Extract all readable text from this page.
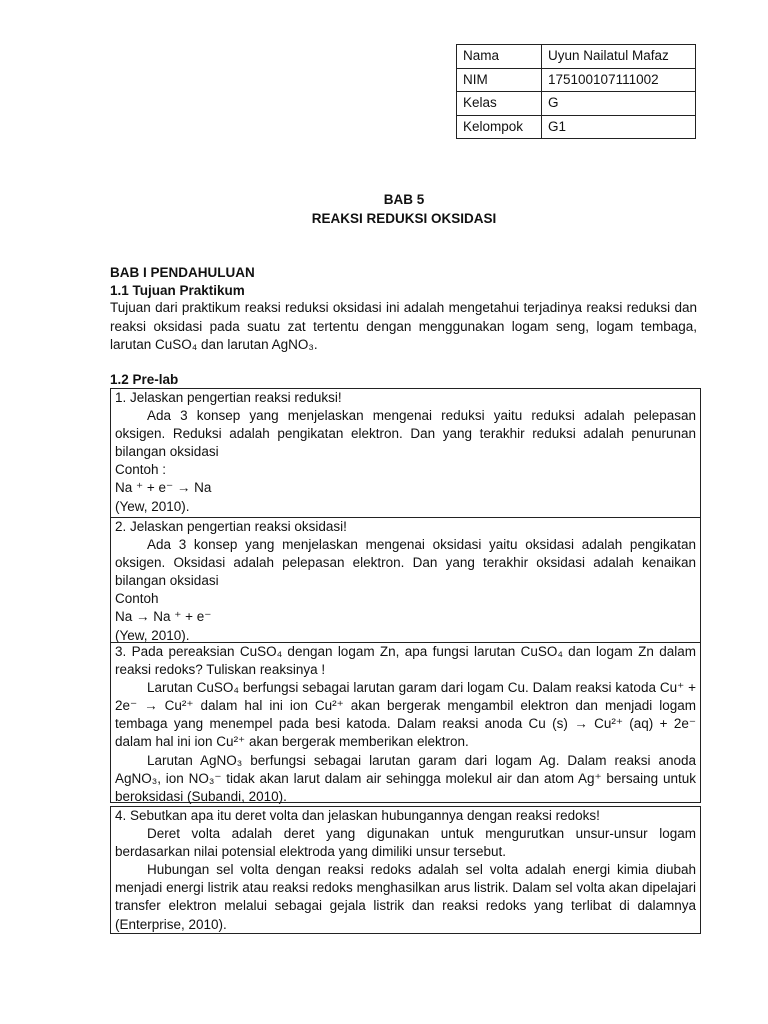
Nama	Uyun Nailatul Mafaz
NIM	175100107111002
Kelas	G
Kelompok	G1
BAB 5
REAKSI REDUKSI OKSIDASI
BAB I PENDAHULUAN
1.1 Tujuan Praktikum

Tujuan dari praktikum reaksi reduksi oksidasi ini adalah mengetahui terjadinya reaksi reduksi dan reaksi oksidasi pada suatu zat tertentu dengan menggunakan logam seng, logam tembaga, larutan CuSO₄ dan larutan AgNO₃.

1.2 Pre-lab

1. Jelaskan pengertian reaksi reduksi!

Ada 3 konsep yang menjelaskan mengenai reduksi yaitu reduksi adalah pelepasan oksigen. Reduksi adalah pengikatan elektron. Dan yang terakhir reduksi adalah penurunan bilangan oksidasi

Contoh :

Na ⁺ + e⁻ → Na

(Yew, 2010).

2. Jelaskan pengertian reaksi oksidasi!

Ada 3 konsep yang menjelaskan mengenai oksidasi yaitu oksidasi adalah pengikatan oksigen. Oksidasi adalah pelepasan elektron. Dan yang terakhir oksidasi adalah kenaikan bilangan oksidasi

Contoh

Na → Na ⁺ + e⁻

(Yew, 2010).

3. Pada pereaksian CuSO₄ dengan logam Zn, apa fungsi larutan CuSO₄ dan logam Zn dalam reaksi redoks? Tuliskan reaksinya !

Larutan CuSO₄ berfungsi sebagai larutan garam dari logam Cu. Dalam reaksi katoda Cu⁺ + 2e⁻ → Cu²⁺ dalam hal ini ion Cu²⁺ akan bergerak mengambil elektron dan menjadi logam tembaga yang menempel pada besi katoda. Dalam reaksi anoda Cu (s) → Cu²⁺ (aq) + 2e⁻ dalam hal ini ion Cu²⁺ akan bergerak memberikan elektron.

Larutan AgNO₃ berfungsi sebagai larutan garam dari logam Ag. Dalam reaksi anoda AgNO₃, ion NO₃⁻ tidak akan larut dalam air sehingga molekul air dan atom Ag⁺ bersaing untuk beroksidasi (Subandi, 2010).

4. Sebutkan apa itu deret volta dan jelaskan hubungannya dengan reaksi redoks!

Deret volta adalah deret yang digunakan untuk mengurutkan unsur-unsur logam berdasarkan nilai potensial elektroda yang dimiliki unsur tersebut.

Hubungan sel volta dengan reaksi redoks adalah sel volta adalah energi kimia diubah menjadi energi listrik atau reaksi redoks menghasilkan arus listrik. Dalam sel volta akan dipelajari transfer elektron melalui sebagai gejala listrik dan reaksi redoks yang terlibat di dalamnya (Enterprise, 2010).
